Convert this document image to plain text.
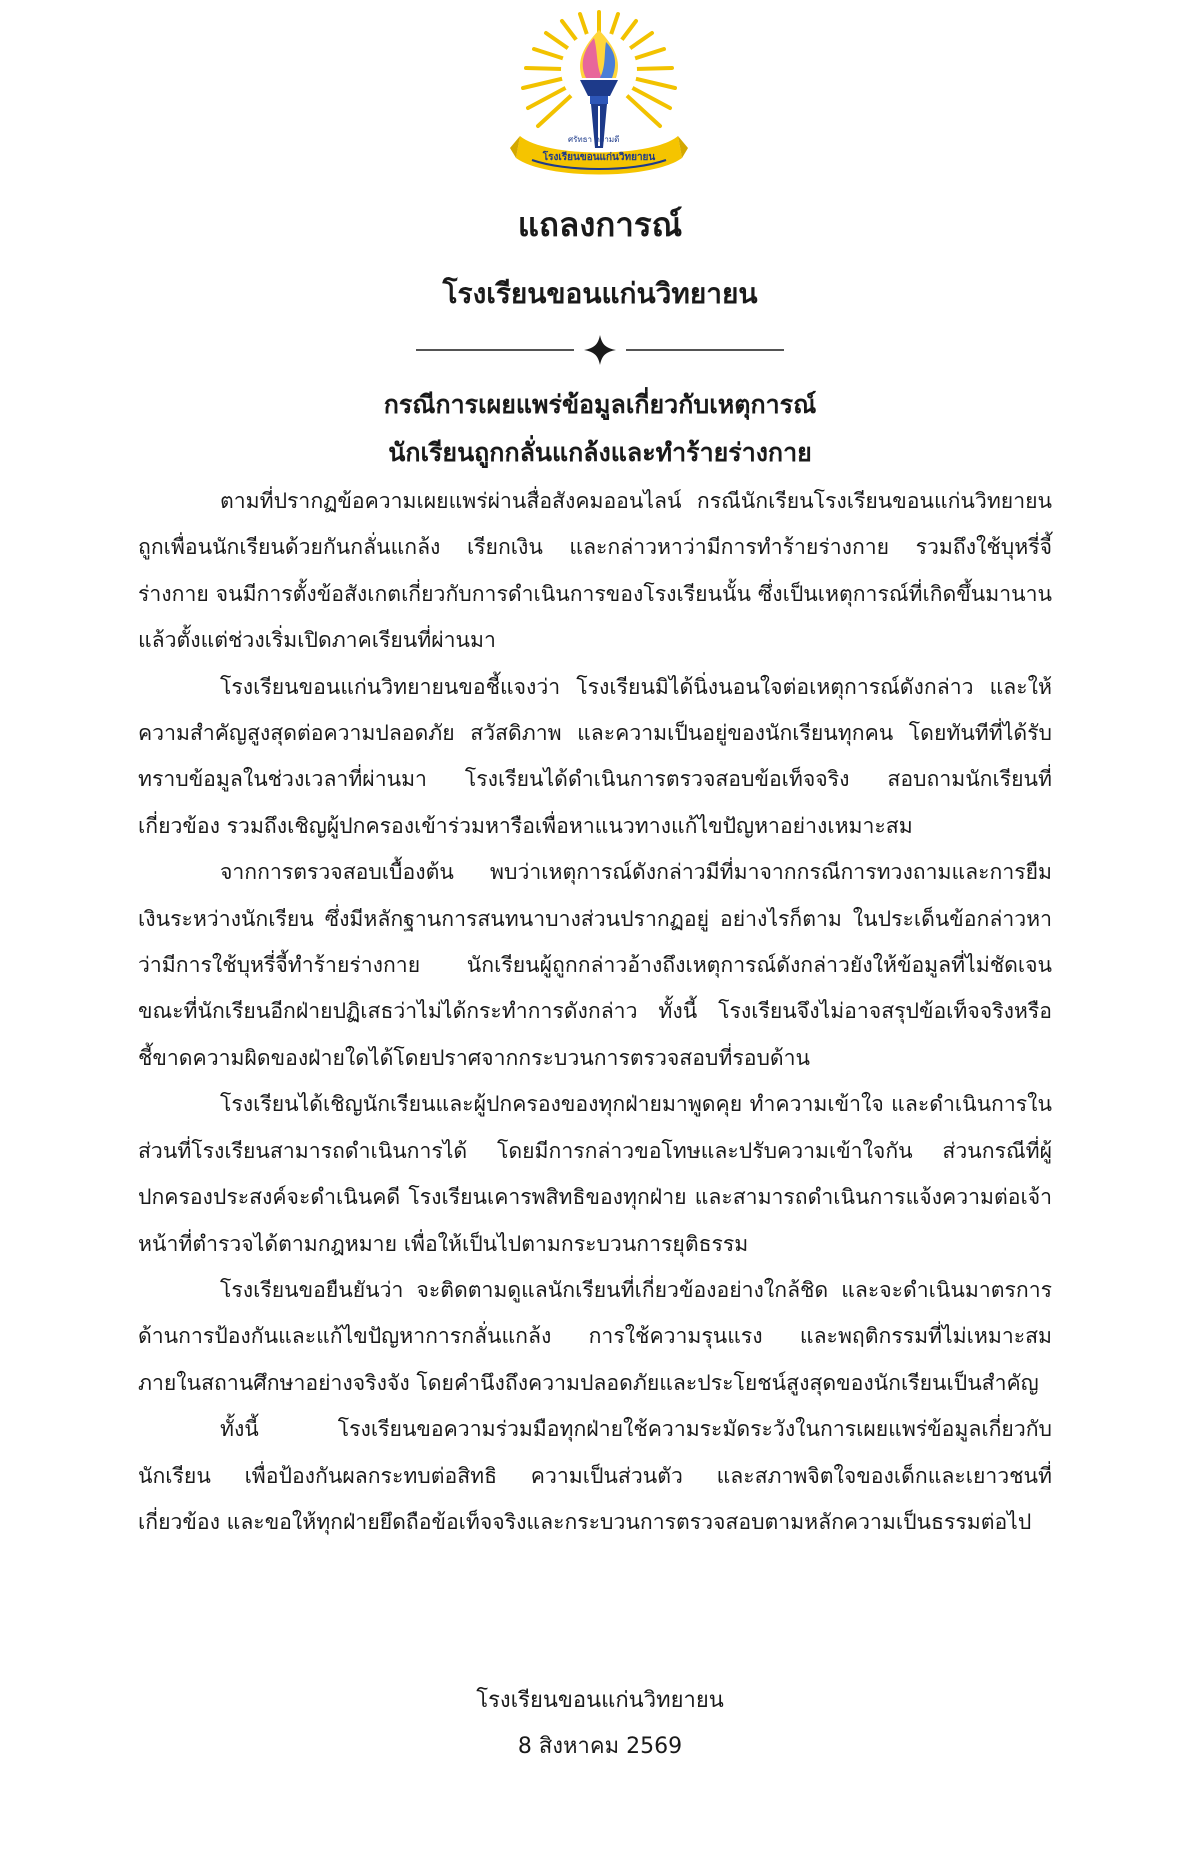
ศรัทธา ความดี
โรงเรียนขอนแก่นวิทยายน
แถลงการณ์
โรงเรียนขอนแก่นวิทยายน
กรณีการเผยแพร่ข้อมูลเกี่ยวกับเหตุการณ์
นักเรียนถูกกลั่นแกล้งและทำร้ายร่างกาย

ตามที่ปรากฏข้อความเผยแพร่ผ่านสื่อสังคมออนไลน์ กรณีนักเรียนโรงเรียนขอนแก่นวิทยายน ถูกเพื่อนนักเรียนด้วยกันกลั่นแกล้ง เรียกเงิน และกล่าวหาว่ามีการทำร้ายร่างกาย รวมถึงใช้บุหรี่จี้ร่างกาย จนมีการตั้งข้อสังเกตเกี่ยวกับการดำเนินการของโรงเรียนนั้น ซึ่งเป็นเหตุการณ์ที่เกิดขึ้นมานานแล้วตั้งแต่ช่วงเริ่มเปิดภาคเรียนที่ผ่านมา

โรงเรียนขอนแก่นวิทยายนขอชี้แจงว่า โรงเรียนมิได้นิ่งนอนใจต่อเหตุการณ์ดังกล่าว และให้ความสำคัญสูงสุดต่อความปลอดภัย สวัสดิภาพ และความเป็นอยู่ของนักเรียนทุกคน โดยทันทีที่ได้รับทราบข้อมูลในช่วงเวลาที่ผ่านมา โรงเรียนได้ดำเนินการตรวจสอบข้อเท็จจริง สอบถามนักเรียนที่เกี่ยวข้อง รวมถึงเชิญผู้ปกครองเข้าร่วมหารือเพื่อหาแนวทางแก้ไขปัญหาอย่างเหมาะสม

จากการตรวจสอบเบื้องต้น พบว่าเหตุการณ์ดังกล่าวมีที่มาจากกรณีการทวงถามและการยืมเงินระหว่างนักเรียน ซึ่งมีหลักฐานการสนทนาบางส่วนปรากฏอยู่ อย่างไรก็ตาม ในประเด็นข้อกล่าวหาว่ามีการใช้บุหรี่จี้ทำร้ายร่างกาย นักเรียนผู้ถูกกล่าวอ้างถึงเหตุการณ์ดังกล่าวยังให้ข้อมูลที่ไม่ชัดเจน ขณะที่นักเรียนอีกฝ่ายปฏิเสธว่าไม่ได้กระทำการดังกล่าว ทั้งนี้ โรงเรียนจึงไม่อาจสรุปข้อเท็จจริงหรือชี้ขาดความผิดของฝ่ายใดได้โดยปราศจากกระบวนการตรวจสอบที่รอบด้าน

โรงเรียนได้เชิญนักเรียนและผู้ปกครองของทุกฝ่ายมาพูดคุย ทำความเข้าใจ และดำเนินการในส่วนที่โรงเรียนสามารถดำเนินการได้ โดยมีการกล่าวขอโทษและปรับความเข้าใจกัน ส่วนกรณีที่ผู้ปกครองประสงค์จะดำเนินคดี โรงเรียนเคารพสิทธิของทุกฝ่าย และสามารถดำเนินการแจ้งความต่อเจ้าหน้าที่ตำรวจได้ตามกฎหมาย เพื่อให้เป็นไปตามกระบวนการยุติธรรม

โรงเรียนขอยืนยันว่า จะติดตามดูแลนักเรียนที่เกี่ยวข้องอย่างใกล้ชิด และจะดำเนินมาตรการด้านการป้องกันและแก้ไขปัญหาการกลั่นแกล้ง การใช้ความรุนแรง และพฤติกรรมที่ไม่เหมาะสมภายในสถานศึกษาอย่างจริงจัง โดยคำนึงถึงความปลอดภัยและประโยชน์สูงสุดของนักเรียนเป็นสำคัญ

ทั้งนี้ โรงเรียนขอความร่วมมือทุกฝ่ายใช้ความระมัดระวังในการเผยแพร่ข้อมูลเกี่ยวกับนักเรียน เพื่อป้องกันผลกระทบต่อสิทธิ ความเป็นส่วนตัว และสภาพจิตใจของเด็กและเยาวชนที่เกี่ยวข้อง และขอให้ทุกฝ่ายยึดถือข้อเท็จจริงและกระบวนการตรวจสอบตามหลักความเป็นธรรมต่อไป

โรงเรียนขอนแก่นวิทยายน

8 สิงหาคม 2569
